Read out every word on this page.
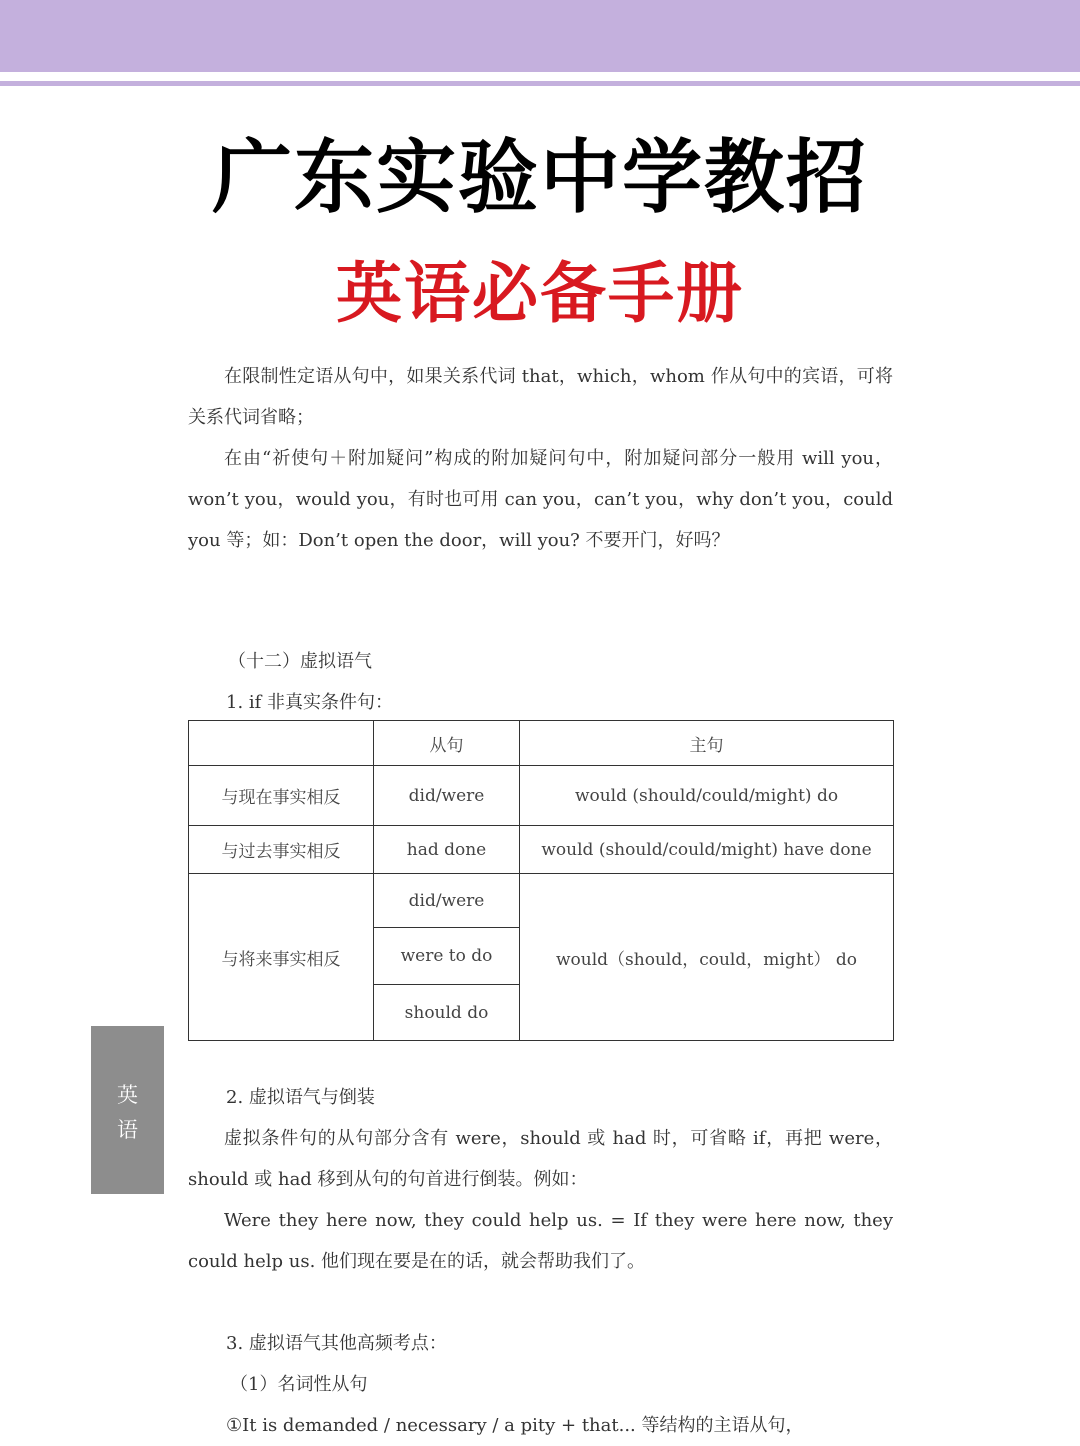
广东实验中学教招
英语必备手册
在限制性定语从句中，如果关系代词 that，which，whom 作从句中的宾语，可将关系代词省略；
在由“祈使句＋附加疑问”构成的附加疑问句中，附加疑问部分一般用 will you，won’t you，would you，有时也可用 can you，can’t you，why don’t you，could you 等；如：Don’t open the door，will you? 不要开门，好吗？
（十二）虚拟语气
1. if 非真实条件句：
	从句	主句
与现在事实相反	did/were	would (should/could/might) do
与过去事实相反	had done	would (should/could/might) have done
与将来事实相反	did/were	would（should，could，might） do
	were to do	
	should do	
英语
2. 虚拟语气与倒装
虚拟条件句的从句部分含有 were，should 或 had 时，可省略 if，再把 were，should 或 had 移到从句的句首进行倒装。例如：
Were they here now, they could help us. = If they were here now, they could help us. 他们现在要是在的话，就会帮助我们了。
3. 虚拟语气其他高频考点：
（1）名词性从句
①It is demanded / necessary / a pity + that... 等结构的主语从句，
